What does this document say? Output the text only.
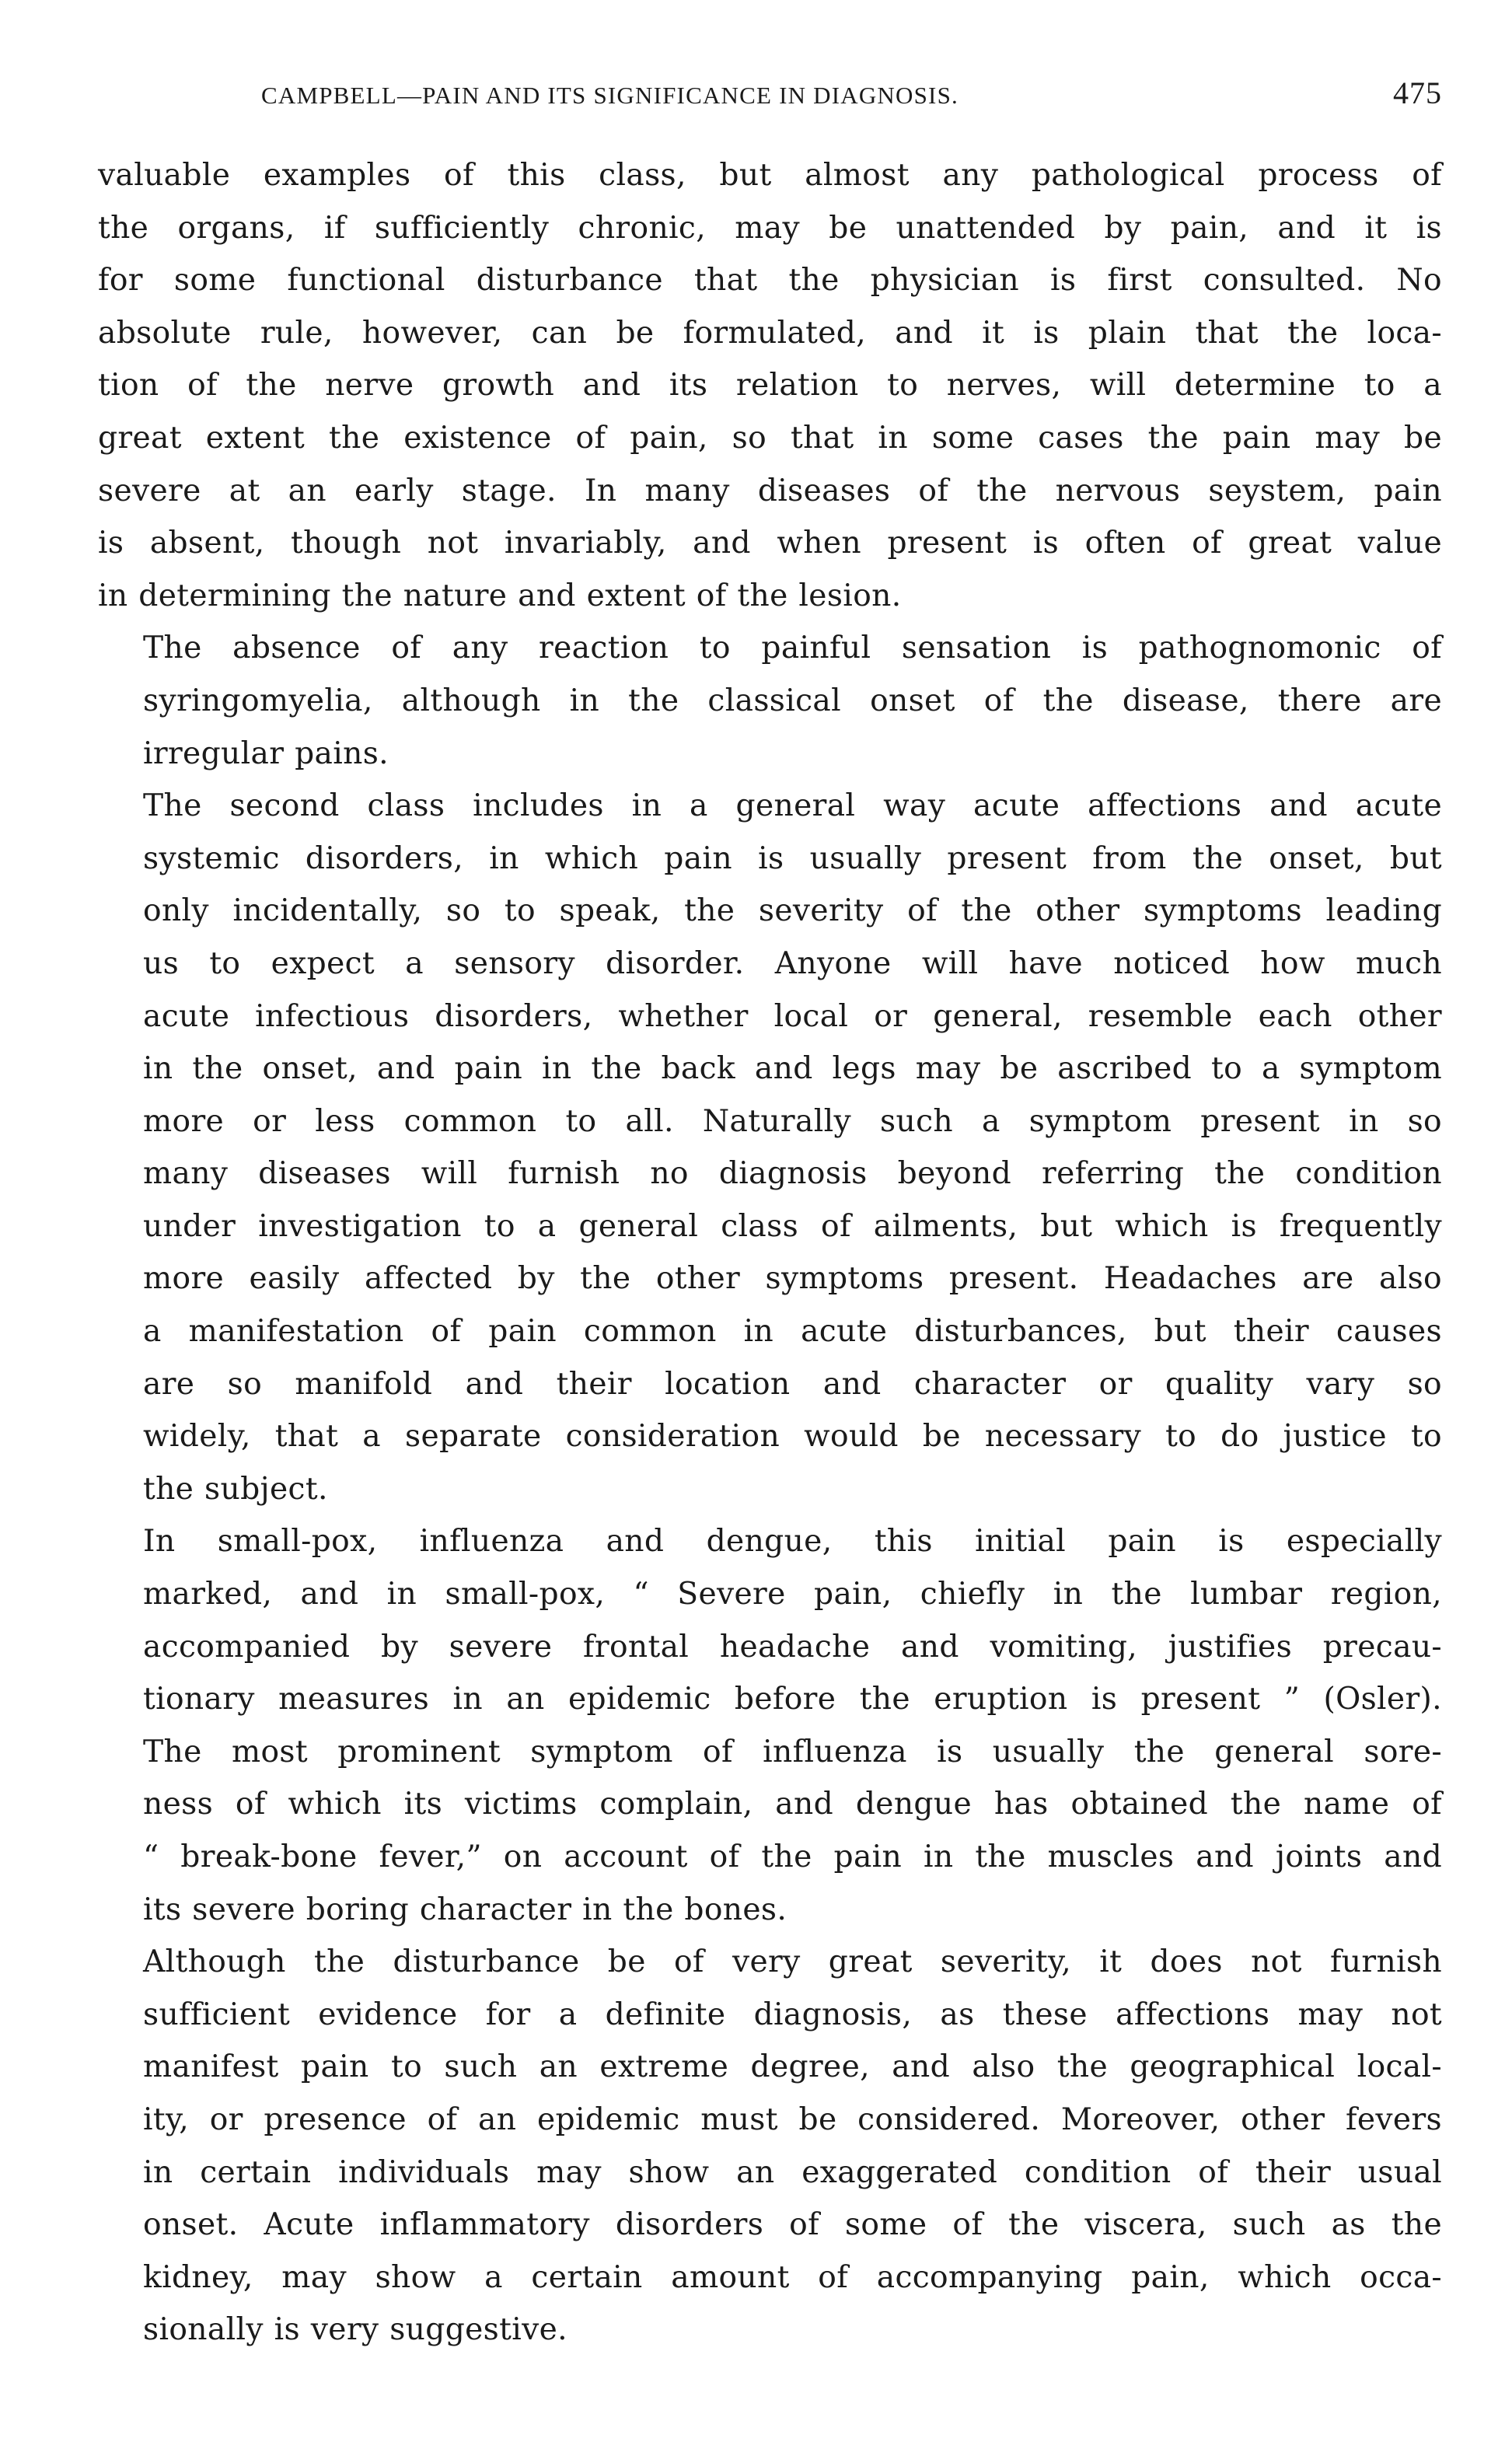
CAMPBELL—PAIN AND ITS SIGNIFICANCE IN DIAGNOSIS.	475

valuable examples of this class, but almost any pathological process of
the organs, if sufficiently chronic, may be unattended by pain, and it is
for some functional disturbance that the physician is first consulted. No
absolute rule, however, can be formulated, and it is plain that the loca-
tion of the nerve growth and its relation to nerves, will determine to a
great extent the existence of pain, so that in some cases the pain may be
severe at an early stage. In many diseases of the nervous seystem, pain
is absent, though not invariably, and when present is often of great value
in determining the nature and extent of the lesion.

The absence of any reaction to painful sensation is pathognomonic of
syringomyelia, although in the classical onset of the disease, there are
irregular pains.

The second class includes in a general way acute affections and acute
systemic disorders, in which pain is usually present from the onset, but
only incidentally, so to speak, the severity of the other symptoms leading
us to expect a sensory disorder. Anyone will have noticed how much
acute infectious disorders, whether local or general, resemble each other
in the onset, and pain in the back and legs may be ascribed to a symptom
more or less common to all. Naturally such a symptom present in so
many diseases will furnish no diagnosis beyond referring the condition
under investigation to a general class of ailments, but which is frequently
more easily affected by the other symptoms present. Headaches are also
a manifestation of pain common in acute disturbances, but their causes
are so manifold and their location and character or quality vary so
widely, that a separate consideration would be necessary to do justice to
the subject.

In small-pox, influenza and dengue, this initial pain is especially
marked, and in small-pox, “ Severe pain, chiefly in the lumbar region,
accompanied by severe frontal headache and vomiting, justifies precau-
tionary measures in an epidemic before the eruption is present ” (Osler).
The most prominent symptom of influenza is usually the general sore-
ness of which its victims complain, and dengue has obtained the name of
“ break-bone fever,” on account of the pain in the muscles and joints and
its severe boring character in the bones.

Although the disturbance be of very great severity, it does not furnish
sufficient evidence for a definite diagnosis, as these affections may not
manifest pain to such an extreme degree, and also the geographical local-
ity, or presence of an epidemic must be considered. Moreover, other fevers
in certain individuals may show an exaggerated condition of their usual
onset. Acute inflammatory disorders of some of the viscera, such as the
kidney, may show a certain amount of accompanying pain, which occa-
sionally is very suggestive.
